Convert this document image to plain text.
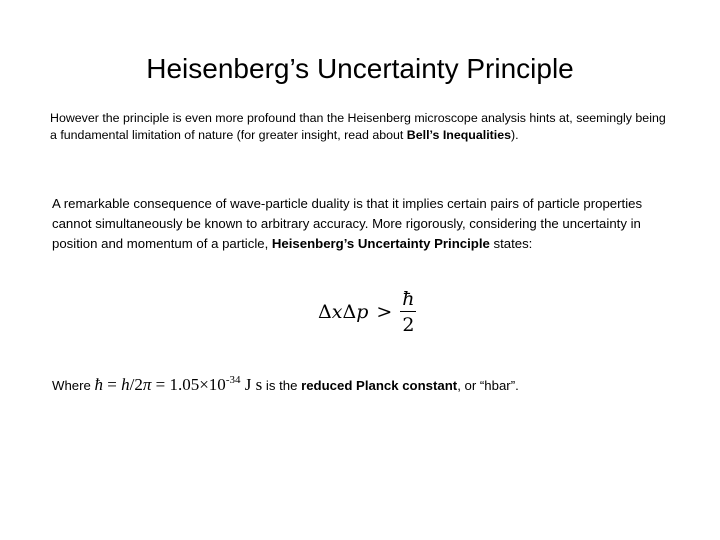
Heisenberg’s Uncertainty Principle
However the principle is even more profound than the Heisenberg microscope analysis hints at, seemingly being a fundamental limitation of nature (for greater insight, read about Bell’s Inequalities).
A remarkable consequence of wave-particle duality is that it implies certain pairs of particle properties cannot simultaneously be known to arbitrary accuracy. More rigorously, considering the uncertainty in position and momentum of a particle, Heisenberg’s Uncertainty Principle states:
$\Delta x\Delta p > \frac{ħ}{2}$
Where ħ = $h/2\pi = 1.05\times 10^{-34}$ J s is the reduced Planck constant, or “hbar”.
